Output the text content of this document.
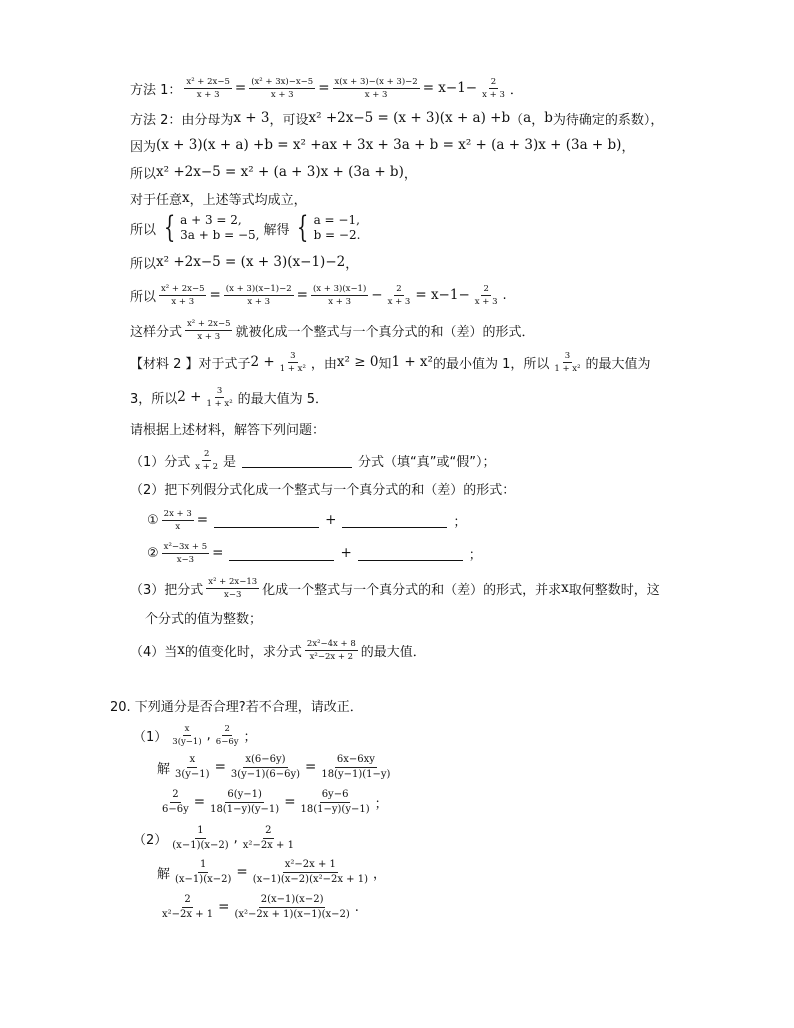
方法 1： $\frac{\text{x² + 2x−5}}{x + 3} = \frac{\text{(x² + 3x)−x−5}}{x + 3} = \frac{x(x + 3)-(x + 3)-2}{x + 3} = x-1- \frac{2}{x + 3}$ ．
方法 2：由分母为 x + 3 ，可设 x² +2x−5 = (x + 3)(x + a) +b （ a ， b 为待确定的系数），
因为 (x + 3)(x + a) +b = x² +ax + 3x + 3a + b = x² + (a + 3)x + (3a + b) ，
所以 x² +2x−5 = x² + (a + 3)x + (3a + b) ，
对于任意 x ，上述等式均成立，
所以 { a + 3 = 2,
3a + b = −5, 解得 { a = −1,
b = −2.
所以 x² +2x−5 = (x + 3)(x−1)−2 ，
所以 $\frac{\text{x² + 2x−5}}{x + 3} = \frac{(x + 3)(x-1)-2}{x + 3} = \frac{(x + 3)(x-1)}{x + 3} - \frac{2}{x + 3} = x-1- \frac{2}{x + 3}$ .
这样分式 $\frac{\text{x² + 2x−5}}{x + 3}$ 就被化成一个整式与一个真分式的和（差）的形式．
【材料 2 】对于式子 $2 + \frac{3}{\text{1 + x²}}$ ，由 x² ≥ 0 知 1 + x² 的最小值为 1，所以 $\frac{3}{\text{1 + x²}}$ 的最大值为
3，所以 $2 + \frac{3}{\text{1 + x²}}$ 的最大值为 5．
请根据上述材料，解答下列问题：
（1）分式 $\frac{2}{x + 2}$ 是	分式（填“真”或“假”）；
（2）把下列假分式化成一个整式与一个真分式的和（差）的形式：
① $\frac{2x + 3}{x}$ =	+	；
② $\frac{\text{x²−3x + 5}}{x-3}$ =	+	；
（3）把分式 $\frac{\text{x² + 2x−13}}{x-3}$ 化成一个整式与一个真分式的和（差）的形式，并求 x 取何整数时，这
个分式的值为整数；
（4）当 x 的值变化时，求分式 $\frac{\text{2x²−4x + 8}}{\text{x²−2x + 2}}$ 的最大值．
20. 下列通分是否合理?若不合理，请改正．
$(1) \frac{x}{3(y-1)}$ , $\frac{2}{6-6y}$ ；
解 $\frac{x}{3(y-1)} = \frac{x(6-6y)}{3(y-1)(6-6y)} = \frac{6x-6xy}{18(y-1)(1-y)}$
$\frac{2}{6-6y} = \frac{6(y-1)}{18(1-y)(y-1)} = \frac{6y-6}{18(1-y)(y-1)}$ ；
$(2) \frac{1}{(x-1)(x-2)}$ , $\frac{2}{\text{x²−2x + 1}}$
解 $\frac{1}{(x-1)(x-2)} = \frac{\text{x²−2x + 1}}{\text{(x−1)(x−2)(x²−2x + 1)}}$ ，
$\frac{2}{\text{x²−2x + 1}} = \frac{2(x-1)(x-2)}{\text{(x²−2x + 1)(x−1)(x−2)}}$ .
